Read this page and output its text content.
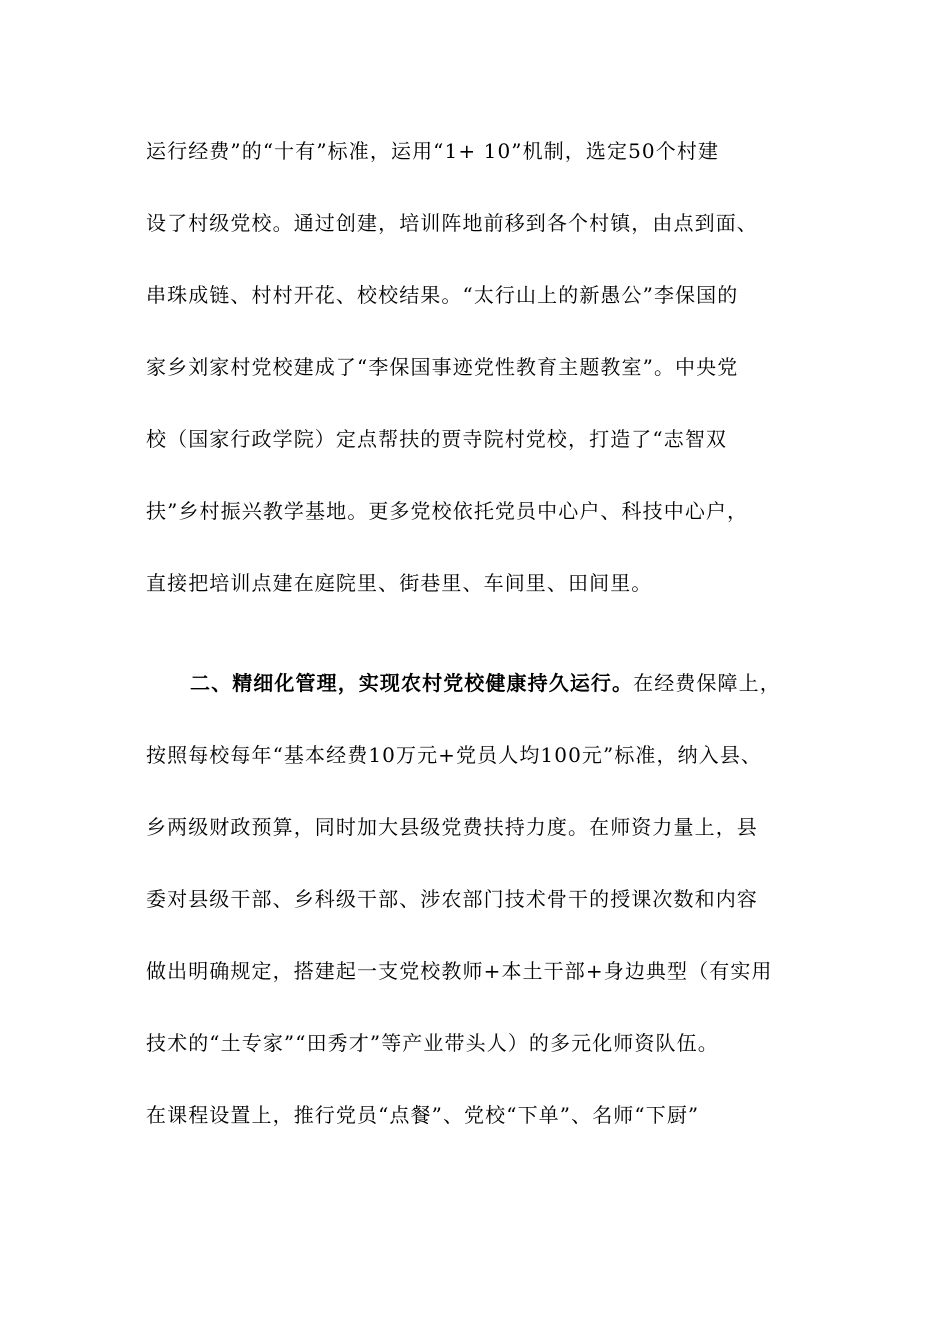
运行经费”的“十有”标准，运用“1+ 10”机制，选定50个村建
设了村级党校。通过创建，培训阵地前移到各个村镇，由点到面、
串珠成链、村村开花、校校结果。“太行山上的新愚公”李保国的
家乡刘家村党校建成了“李保国事迹党性教育主题教室”。中央党
校（国家行政学院）定点帮扶的贾寺院村党校，打造了“志智双
扶”乡村振兴教学基地。更多党校依托党员中心户、科技中心户，
直接把培训点建在庭院里、街巷里、车间里、田间里。
二、精细化管理，实现农村党校健康持久运行。在经费保障上，
按照每校每年“基本经费10万元+党员人均100元”标准，纳入县、
乡两级财政预算，同时加大县级党费扶持力度。在师资力量上，县
委对县级干部、乡科级干部、涉农部门技术骨干的授课次数和内容
做出明确规定，搭建起一支党校教师+本土干部+身边典型（有实用
技术的“土专家”“田秀才”等产业带头人）的多元化师资队伍。
在课程设置上，推行党员“点餐”、党校“下单”、名师“下厨”
